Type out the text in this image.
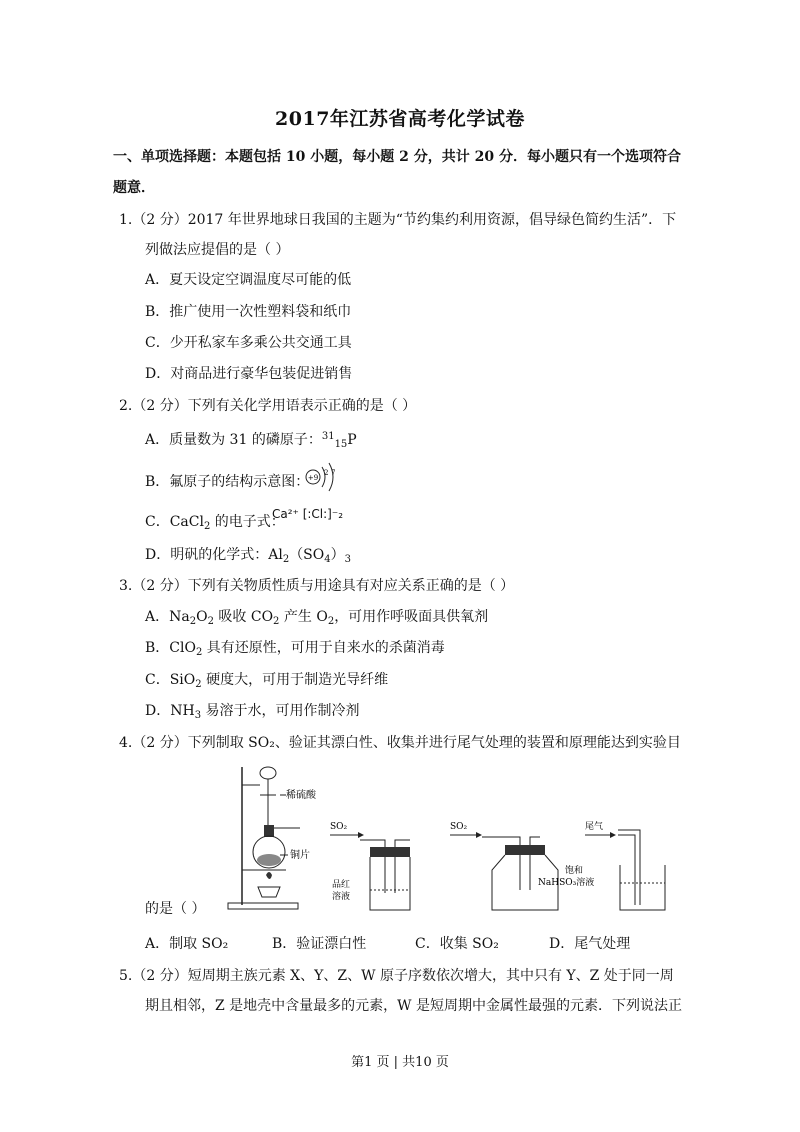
2017年江苏省高考化学试卷
一、单项选择题：本题包括 10 小题，每小题 2 分，共计 20 分．每小题只有一个选项符合
题意．
1.（2 分）2017 年世界地球日我国的主题为“节约集约利用资源，倡导绿色简约生活”．下
列做法应提倡的是（ ）
A．夏天设定空调温度尽可能的低
B．推广使用一次性塑料袋和纸巾
C．少开私家车多乘公共交通工具
D．对商品进行豪华包装促进销售
2.（2 分）下列有关化学用语表示正确的是（ ）
A．质量数为 31 的磷原子：$^{31}_{15}$P
B．氟原子的结构示意图：
+9
2 7
C．CaCl$_2$ 的电子式：
Ca²⁺ [:Cl:]⁻₂
D．明矾的化学式：$Al_2(SO_4)_3$
3.（2 分）下列有关物质性质与用途具有对应关系正确的是（ ）
A．$Na_2O_2$ 吸收 $CO_2$ 产生 $O_2$，可用作呼吸面具供氧剂
B．ClO$_2$ 具有还原性，可用于自来水的杀菌消毒
C．SiO$_2$ 硬度大，可用于制造光导纤维
D．$NH_3$ 易溶于水，可用作制冷剂
4.（2 分）下列制取 SO₂、验证其漂白性、收集并进行尾气处理的装置和原理能达到实验目
稀硫酸
铜片
SO₂
品红
溶液
SO₂	尾气
饱和
NaHSO₃溶液
的是（ ）
A．制取 SO₂	B．验证漂白性	C．收集 SO₂	D．尾气处理
5.（2 分）短周期主族元素 X、Y、Z、W 原子序数依次增大，其中只有 Y、Z 处于同一周
期且相邻，Z 是地壳中含量最多的元素，W 是短周期中金属性最强的元素．下列说法正
第1 页 | 共10 页
